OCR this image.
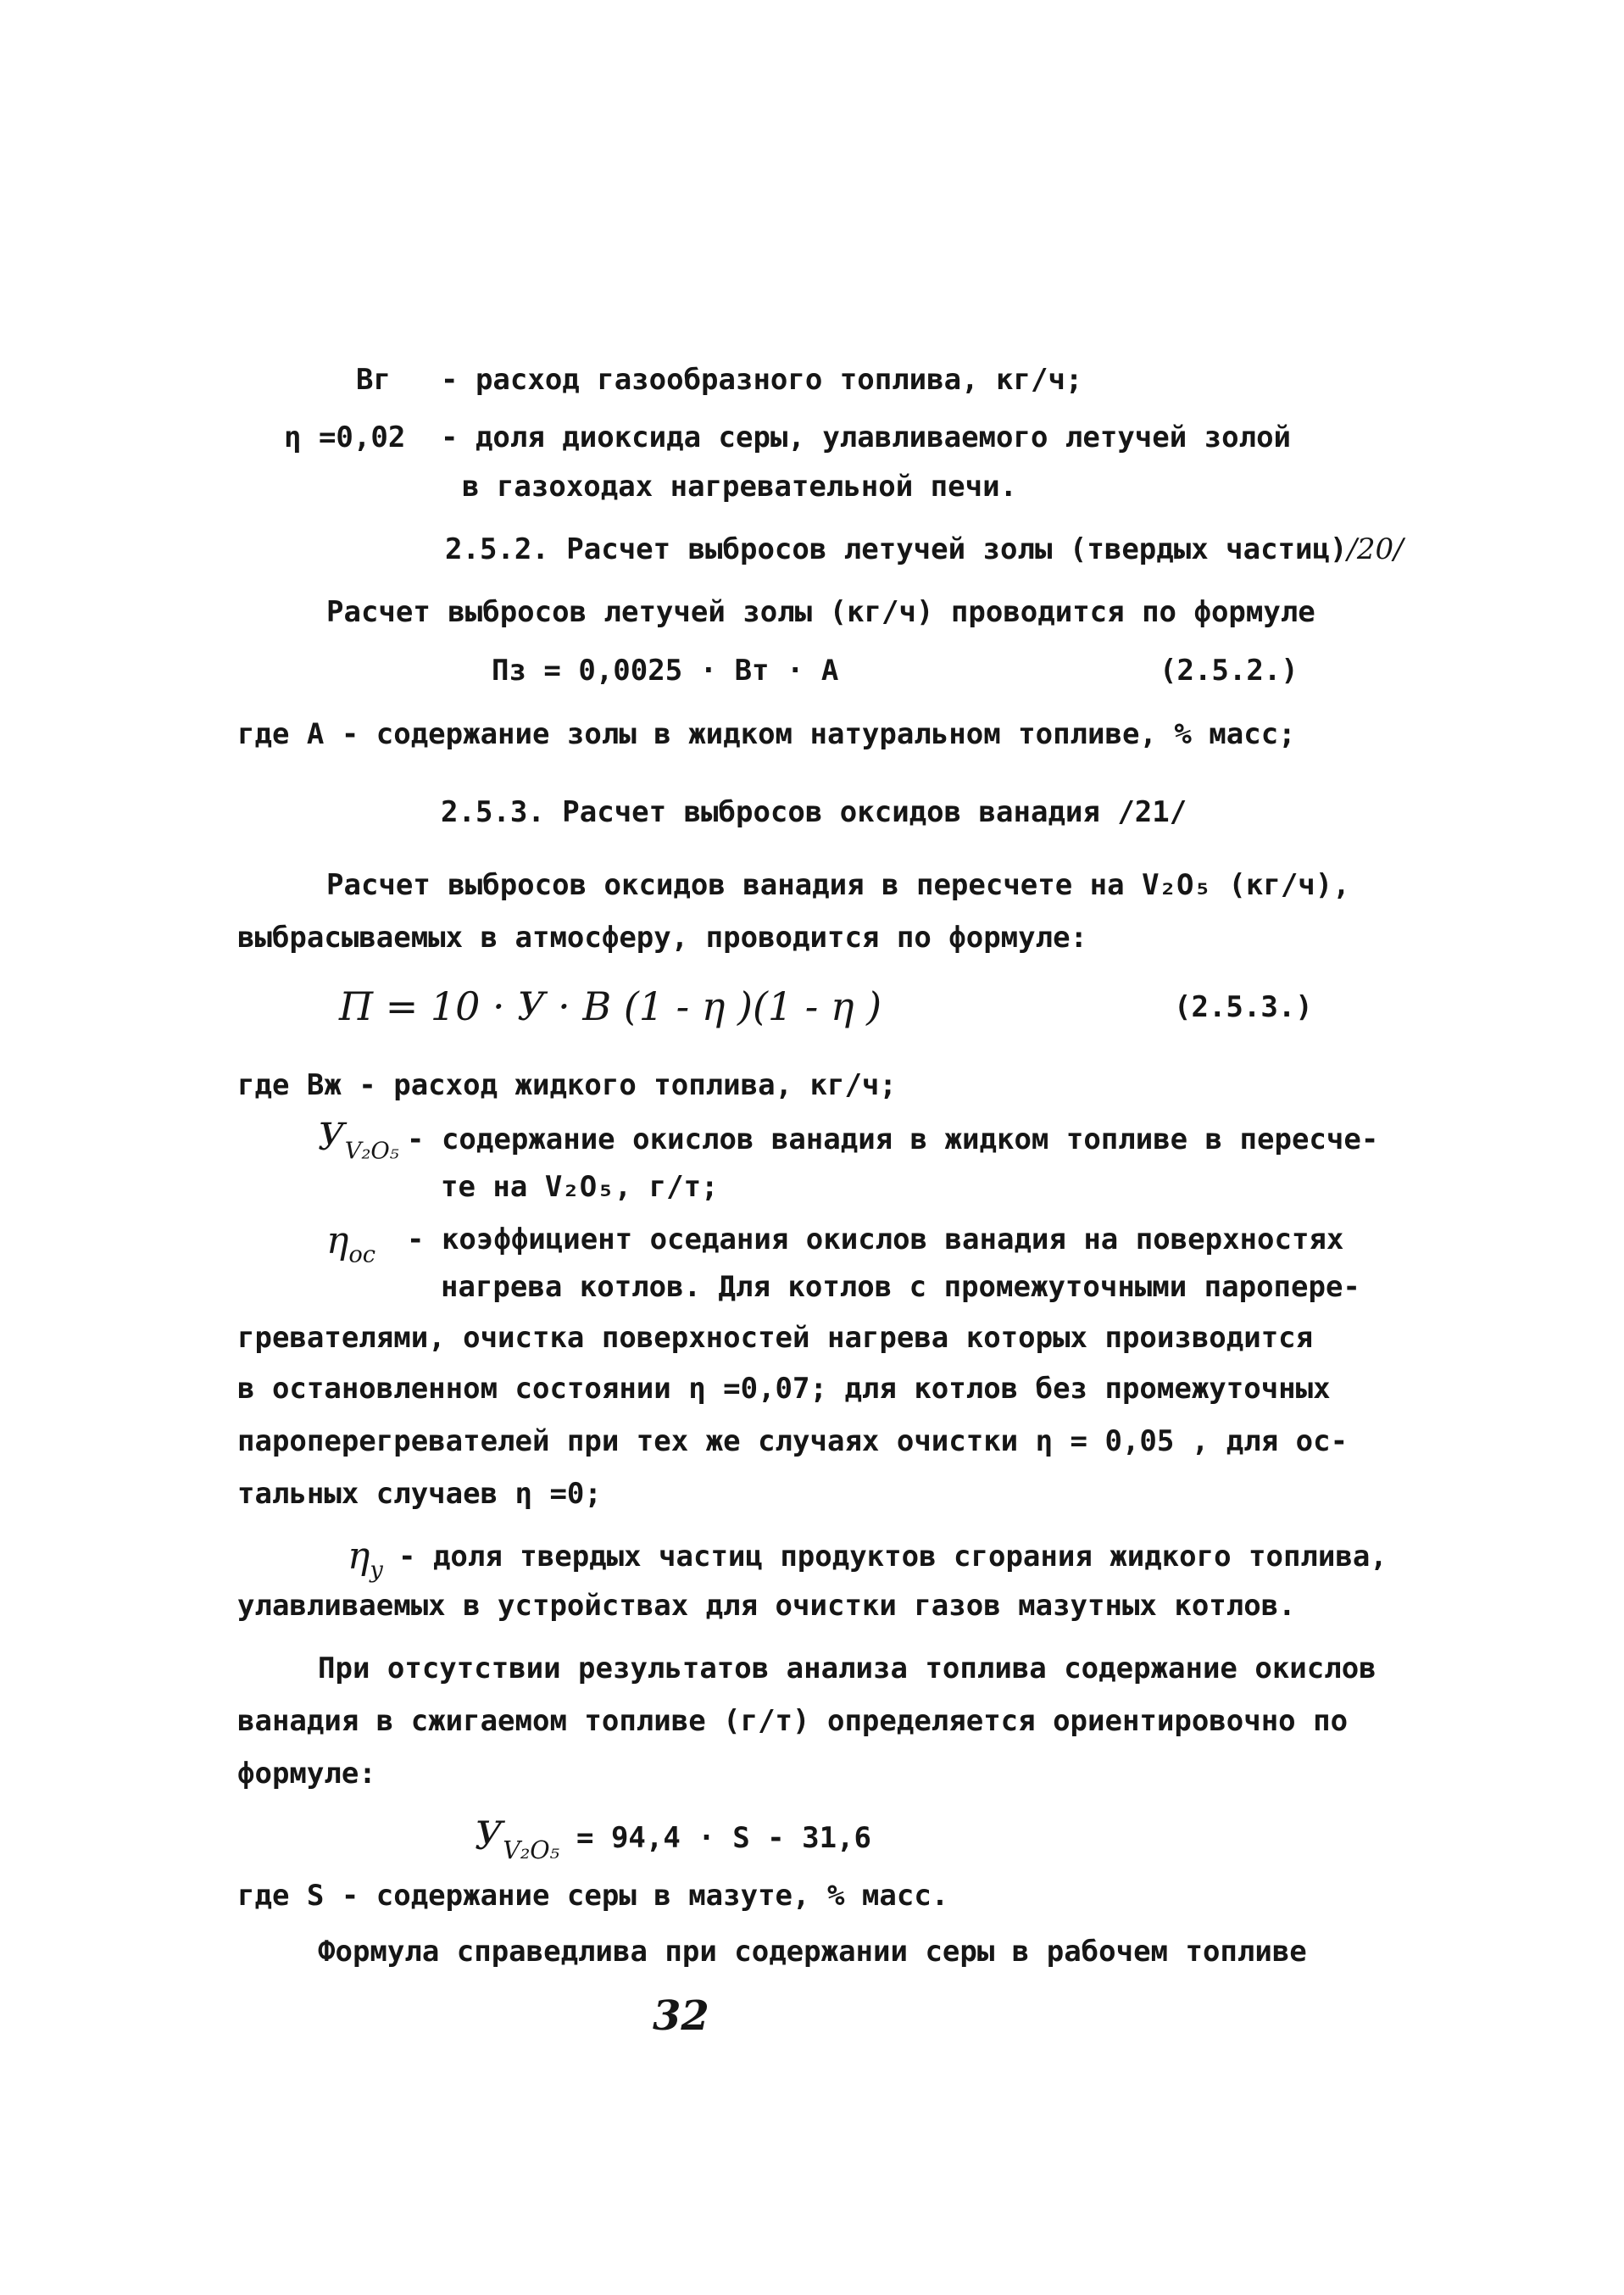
Вг - расход газообразного топлива, кг/ч;
η =0,02 - доля диоксида серы, улавливаемого летучей золой
в газоходах нагревательной печи.
2.5.2. Расчет выбросов летучей золы (твердых частиц)/20/
Расчет выбросов летучей золы (кг/ч) проводится по формуле
Пз = 0,0025 · Вт · А	(2.5.2.)
где А - содержание золы в жидком натуральном топливе, % масс;
2.5.3. Расчет выбросов оксидов ванадия /21/
Расчет выбросов оксидов ванадия в пересчете на V₂O₅ (кг/ч),
выбрасываемых в атмосферу, проводится по формуле:
П = 10 · У · В (1 - η )(1 - η )	(2.5.3.)
где Вж - расход жидкого топлива, кг/ч;
$У_{V_2O_5}$ - содержание окислов ванадия в жидком топливе в пересче-
те на V₂O₅, г/т;
$\eta_{ос}$ - коэффициент оседания окислов ванадия на поверхностях
нагрева котлов. Для котлов с промежуточными паропере-
гревателями, очистка поверхностей нагрева которых производится
в остановленном состоянии η =0,07; для котлов без промежуточных
пароперегревателей при тех же случаях очистки η = 0,05 , для ос-
тальных случаев η =0;
$\eta_у$ - доля твердых частиц продуктов сгорания жидкого топлива,
улавливаемых в устройствах для очистки газов мазутных котлов.
При отсутствии результатов анализа топлива содержание окислов
ванадия в сжигаемом топливе (г/т) определяется ориентировочно по
формуле:
$У_{V_2O_5} = 94,4 \cdot S - 31,6$
где S - содержание серы в мазуте, % масс.
Формула справедлива при содержании серы в рабочем топливе
32
